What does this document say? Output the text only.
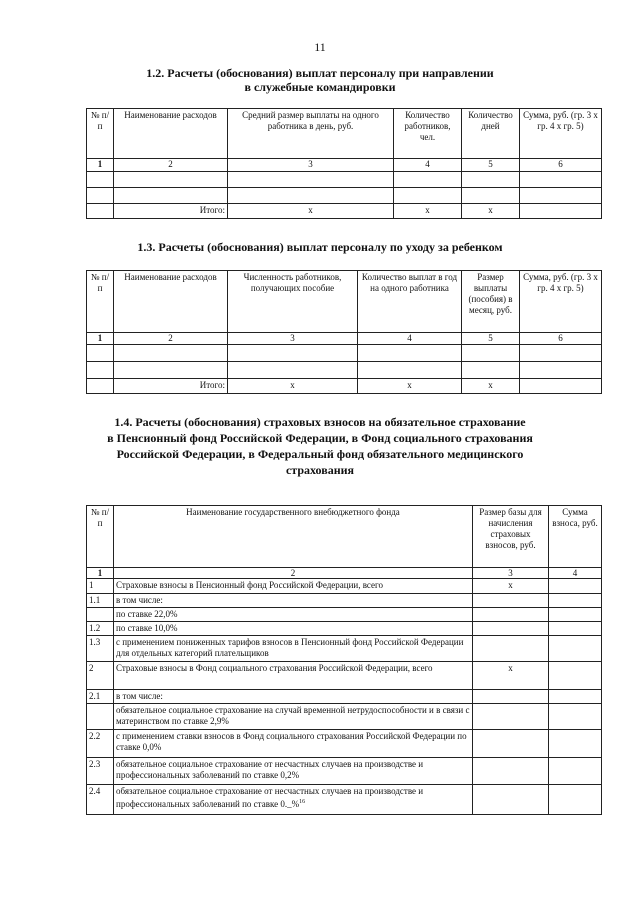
11

1.2. Расчеты (обоснования) выплат персоналу при направлении

в служебные командировки

№ п/п	Наименование расходов	Средний размер выплаты на одного работника в день, руб.	Количество работников, чел.	Количество дней	Сумма, руб. (гр. 3 х гр. 4 х гр. 5)
1	2	3	4	5	6

	Итого:	x	x	x	

1.3. Расчеты (обоснования) выплат персоналу по уходу за ребенком

№ п/п	Наименование расходов	Численность работников, получающих пособие	Количество выплат в год на одного работника	Размер выплаты (пособия) в месяц, руб.	Сумма, руб. (гр. 3 х гр. 4 х гр. 5)
1	2	3	4	5	6

	Итого:	x	x	x	

1.4. Расчеты (обоснования) страховых взносов на обязательное страхование

в Пенсионный фонд Российской Федерации, в Фонд социального страхования

Российской Федерации, в Федеральный фонд обязательного медицинского

страхования

№ п/п	Наименование государственного внебюджетного фонда	Размер базы для начисления страховых взносов, руб.	Сумма взноса, руб.
1	2	3	4
1	Страховые взносы в Пенсионный фонд Российской Федерации, всего	x	
1.1	в том числе:		
	по ставке 22,0%		
1.2	по ставке 10,0%		
1.3	с применением пониженных тарифов взносов в Пенсионный фонд Российской Федерации для отдельных категорий плательщиков		
2	Страховые взносы в Фонд социального страхования Российской Федерации, всего	x	
2.1	в том числе:		
	обязательное социальное страхование на случай временной нетрудоспособности и в связи с материнством по ставке 2,9%		
2.2	с применением ставки взносов в Фонд социального страхования Российской Федерации по ставке 0,0%		
2.3	обязательное социальное страхование от несчастных случаев на производстве и профессиональных заболеваний по ставке 0,2%		
2.4	обязательное социальное страхование от несчастных случаев на производстве и профессиональных заболеваний по ставке 0._%$^{16}$		
